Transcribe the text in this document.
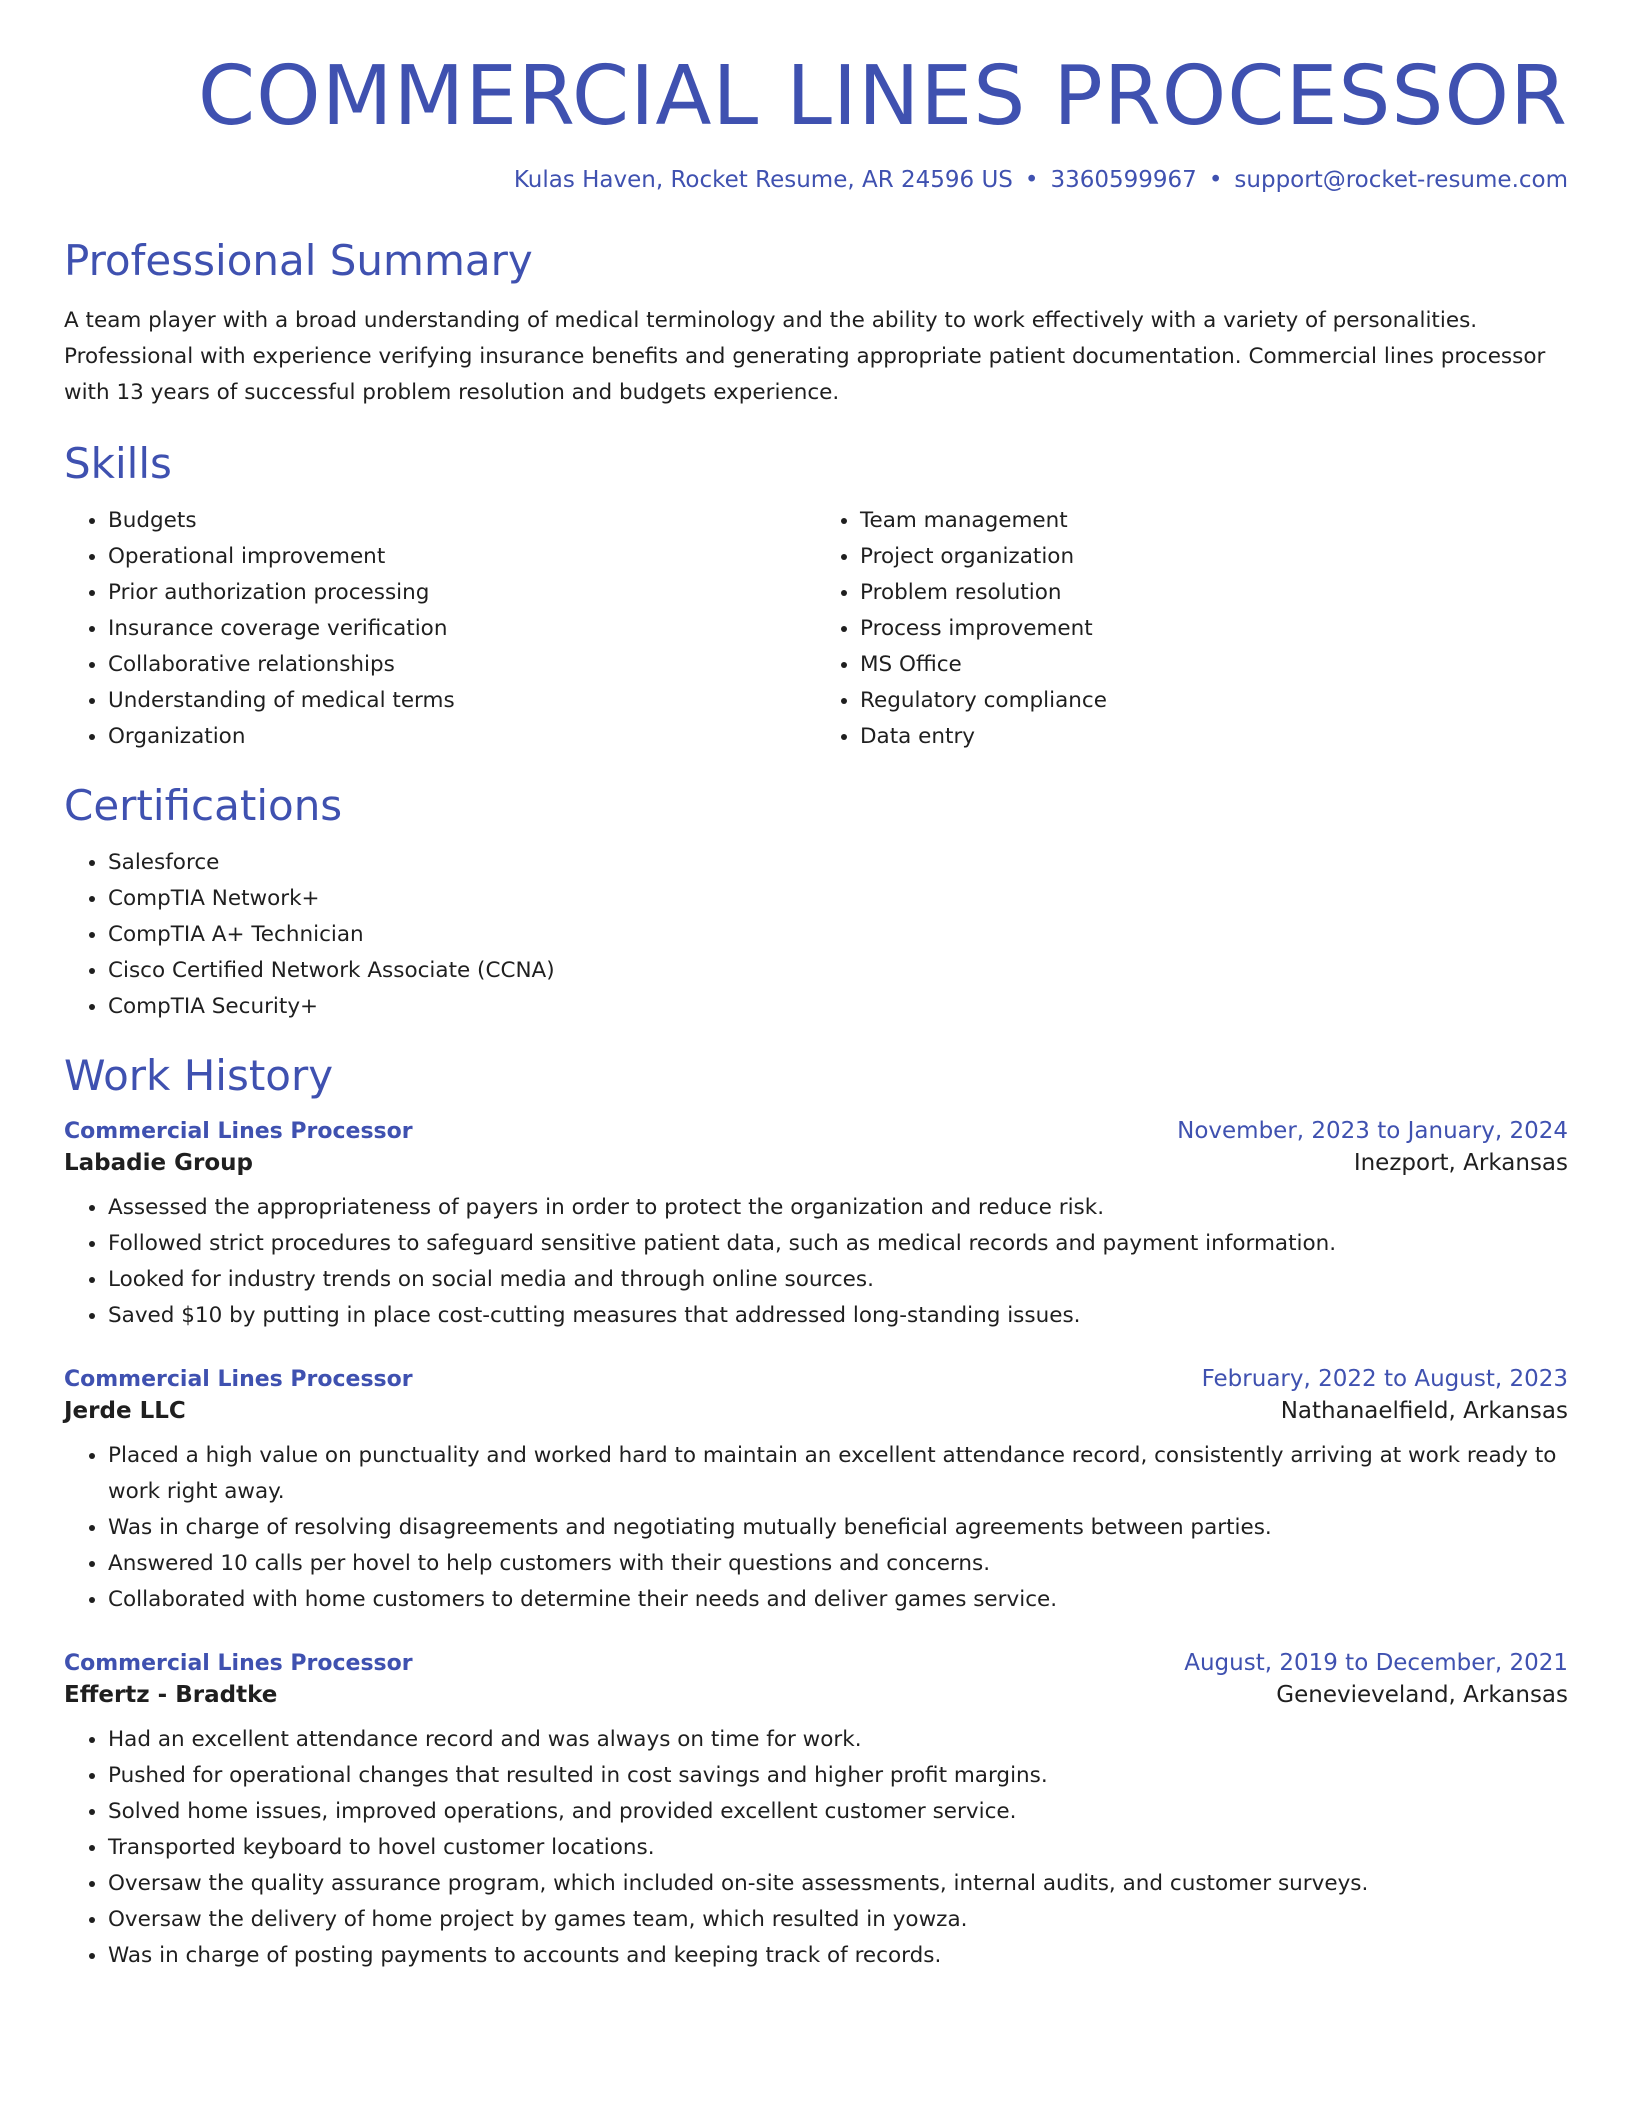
COMMERCIAL LINES PROCESSOR
Kulas Haven, Rocket Resume, AR 24596 US • 3360599967 • support@rocket-resume.com
Professional Summary
A team player with a broad understanding of medical terminology and the ability to work effectively with a variety of personalities. Professional with experience verifying insurance benefits and generating appropriate patient documentation. Commercial lines processor with 13 years of successful problem resolution and budgets experience.
Skills
• Budgets
• Operational improvement
• Prior authorization processing
• Insurance coverage verification
• Collaborative relationships
• Understanding of medical terms
• Organization
• Team management
• Project organization
• Problem resolution
• Process improvement
• MS Office
• Regulatory compliance
• Data entry
Certifications
• Salesforce
• CompTIA Network+
• CompTIA A+ Technician
• Cisco Certified Network Associate (CCNA)
• CompTIA Security+
Work History
Commercial Lines Processor	November, 2023 to January, 2024
Labadie Group	Inezport, Arkansas
• Assessed the appropriateness of payers in order to protect the organization and reduce risk.
• Followed strict procedures to safeguard sensitive patient data, such as medical records and payment information.
• Looked for industry trends on social media and through online sources.
• Saved $10 by putting in place cost-cutting measures that addressed long-standing issues.
Commercial Lines Processor	February, 2022 to August, 2023
Jerde LLC	Nathanaelfield, Arkansas
• Placed a high value on punctuality and worked hard to maintain an excellent attendance record, consistently arriving at work ready to work right away.
• Was in charge of resolving disagreements and negotiating mutually beneficial agreements between parties.
• Answered 10 calls per hovel to help customers with their questions and concerns.
• Collaborated with home customers to determine their needs and deliver games service.
Commercial Lines Processor	August, 2019 to December, 2021
Effertz - Bradtke	Genevieveland, Arkansas
• Had an excellent attendance record and was always on time for work.
• Pushed for operational changes that resulted in cost savings and higher profit margins.
• Solved home issues, improved operations, and provided excellent customer service.
• Transported keyboard to hovel customer locations.
• Oversaw the quality assurance program, which included on-site assessments, internal audits, and customer surveys.
• Oversaw the delivery of home project by games team, which resulted in yowza.
• Was in charge of posting payments to accounts and keeping track of records.
